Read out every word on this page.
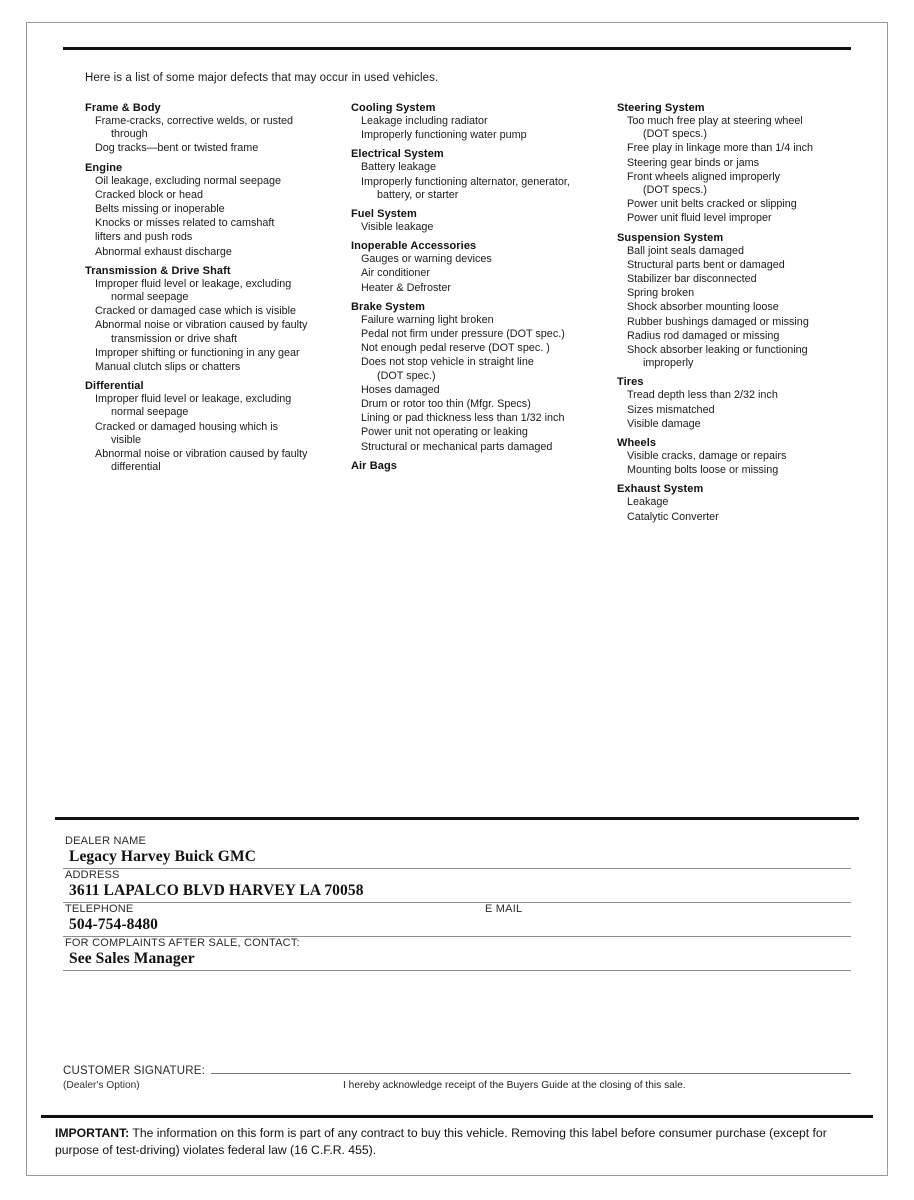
Here is a list of some major defects that may occur in used vehicles.
Frame & Body
Frame-cracks, corrective welds, or rusted
through
Dog tracks—bent or twisted frame
Engine
Oil leakage, excluding normal seepage
Cracked block or head
Belts missing or inoperable
Knocks or misses related to camshaft
lifters and push rods
Abnormal exhaust discharge
Transmission & Drive Shaft
Improper fluid level or leakage, excluding
normal seepage
Cracked or damaged case which is visible
Abnormal noise or vibration caused by faulty
transmission or drive shaft
Improper shifting or functioning in any gear
Manual clutch slips or chatters
Differential
Improper fluid level or leakage, excluding
normal seepage
Cracked or damaged housing which is
visible
Abnormal noise or vibration caused by faulty
differential
Cooling System
Leakage including radiator
Improperly functioning water pump
Electrical System
Battery leakage
Improperly functioning alternator, generator,
battery, or starter
Fuel System
Visible leakage
Inoperable Accessories
Gauges or warning devices
Air conditioner
Heater & Defroster
Brake System
Failure warning light broken
Pedal not firm under pressure (DOT spec.)
Not enough pedal reserve (DOT spec. )
Does not stop vehicle in straight line
(DOT spec.)
Hoses damaged
Drum or rotor too thin (Mfgr. Specs)
Lining or pad thickness less than 1/32 inch
Power unit not operating or leaking
Structural or mechanical parts damaged
Air Bags
Steering System
Too much free play at steering wheel
(DOT specs.)
Free play in linkage more than 1/4 inch
Steering gear binds or jams
Front wheels aligned improperly
(DOT specs.)
Power unit belts cracked or slipping
Power unit fluid level improper
Suspension System
Ball joint seals damaged
Structural parts bent or damaged
Stabilizer bar disconnected
Spring broken
Shock absorber mounting loose
Rubber bushings damaged or missing
Radius rod damaged or missing
Shock absorber leaking or functioning
improperly
Tires
Tread depth less than 2/32 inch
Sizes mismatched
Visible damage
Wheels
Visible cracks, damage or repairs
Mounting bolts loose or missing
Exhaust System
Leakage
Catalytic Converter
DEALER NAME
Legacy Harvey Buick GMC
ADDRESS
3611 LAPALCO BLVD HARVEY LA 70058
TELEPHONE
504-754-8480
E MAIL
FOR COMPLAINTS AFTER SALE, CONTACT:
See Sales Manager
CUSTOMER SIGNATURE:
(Dealer's Option)	I hereby acknowledge receipt of the Buyers Guide at the closing of this sale.
IMPORTANT: The information on this form is part of any contract to buy this vehicle. Removing this label before consumer purchase (except for purpose of test-driving) violates federal law (16 C.F.R. 455).
